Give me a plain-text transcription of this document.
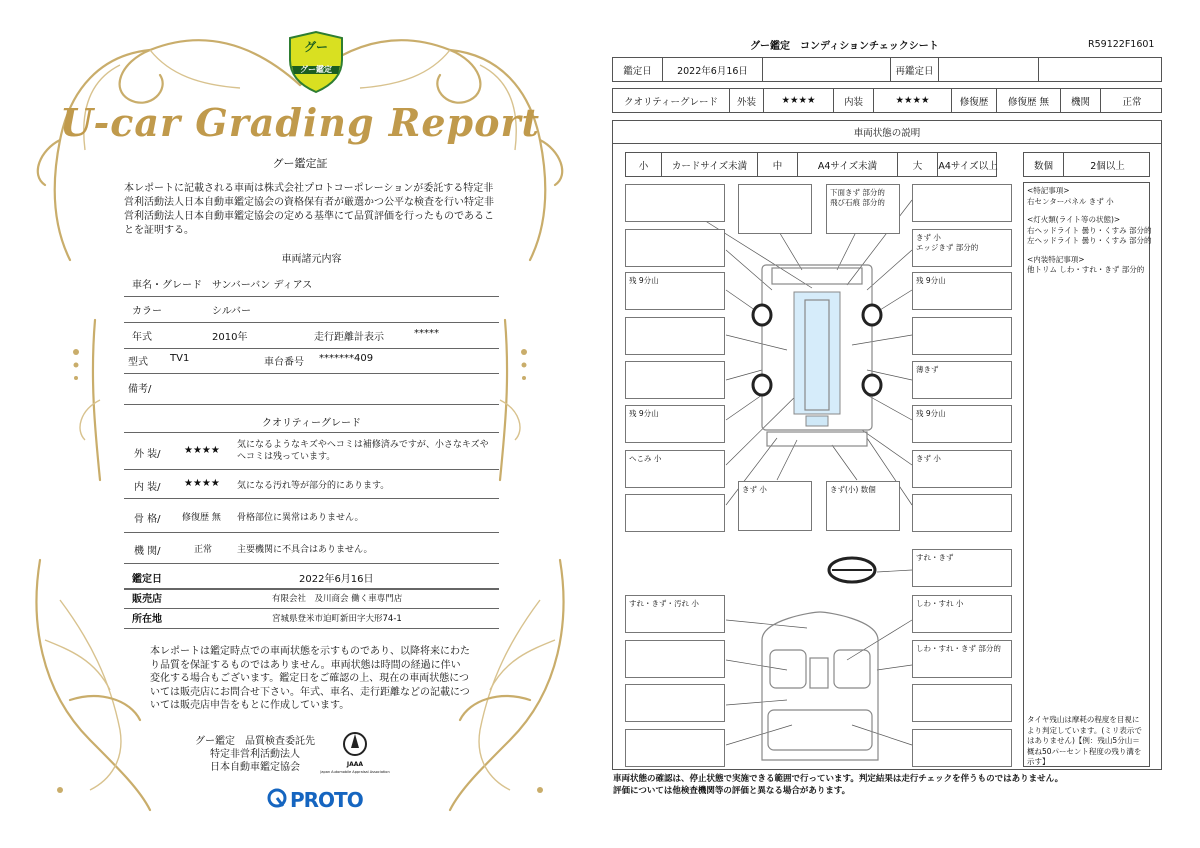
グー
グー鑑定
U-car Grading Report
グー鑑定証
本レポートに記載される車両は株式会社プロトコーポレーションが委託する特定非営利活動法人日本自動車鑑定協会の資格保有者が厳選かつ公平な検査を行い特定非営利活動法人日本自動車鑑定協会の定める基準にて品質評価を行ったものであることを証明する。
車両諸元内容
車名・グレード サンバーバン ディアス
カラー	シルバー
年式	2010年	走行距離計表示	*****
型式 TV1	車台番号 *******409
備考/
クオリティーグレード
外 装/ ★★★★ 気になるようなキズやヘコミは補修済みですが、小さなキズやヘコミは残っています。
内 装/ ★★★★ 気になる汚れ等が部分的にあります。
骨 格/ 修復歴 無 骨格部位に異常はありません。
機 関/	正常	主要機関に不具合はありません。
鑑定日	2022年6月16日
販売店	有限会社　及川商会 働く車専門店
所在地	宮城県登米市迫町新田字大形74-1
本レポートは鑑定時点での車両状態を示すものであり、以降将来にわたり品質を保証するものではありません。車両状態は時間の経過に伴い変化する場合もございます。鑑定日をご確認の上、現在の車両状態については販売店にお問合せ下さい。年式、車名、走行距離などの記載については販売店申告をもとに作成しています。
グー鑑定　品質検査委託先
特定非営利活動法人
日本自動車鑑定協会	JAAA
Japan Automobile Appraisal Association
PROTO
グー鑑定　コンディションチェックシート	R59122F1601
鑑定日	2022年6月16日	再鑑定日
クオリティーグレード	外装	★★★★	内装	★★★★	修復歴	修復歴 無	機関	正常
車両状態の説明
小	カードサイズ未満	中	A4サイズ未満	大	A4サイズ以上	数個	2個以上
<特記事項>
右センターパネル きず 小
<灯火類(ライト等の状態)>
右ヘッドライト 曇り・くすみ 部分的
左ヘッドライト 曇り・くすみ 部分的
<内装特記事項>
他トリム しわ・すれ・きず 部分的
タイヤ残山は摩耗の程度を目視により判定しています。(ミリ表示ではありません)【例：残山5分山＝概ね50パーセント程度の残り溝を示す】
残 9分山
残 9分山
へこみ 小
下面きず 部分的
飛び石痕 部分的
きず 小
エッジきず 部分的
残 9分山
薄きず
残 9分山
きず 小
きず 小	きず(小) 数個
すれ・きず
すれ・きず・汚れ 小	しわ・すれ 小
しわ・すれ・きず 部分的
車両状態の確認は、停止状態で実施できる範囲で行っています。判定結果は走行チェックを伴うものではありません。
評価については他検査機関等の評価と異なる場合があります。
